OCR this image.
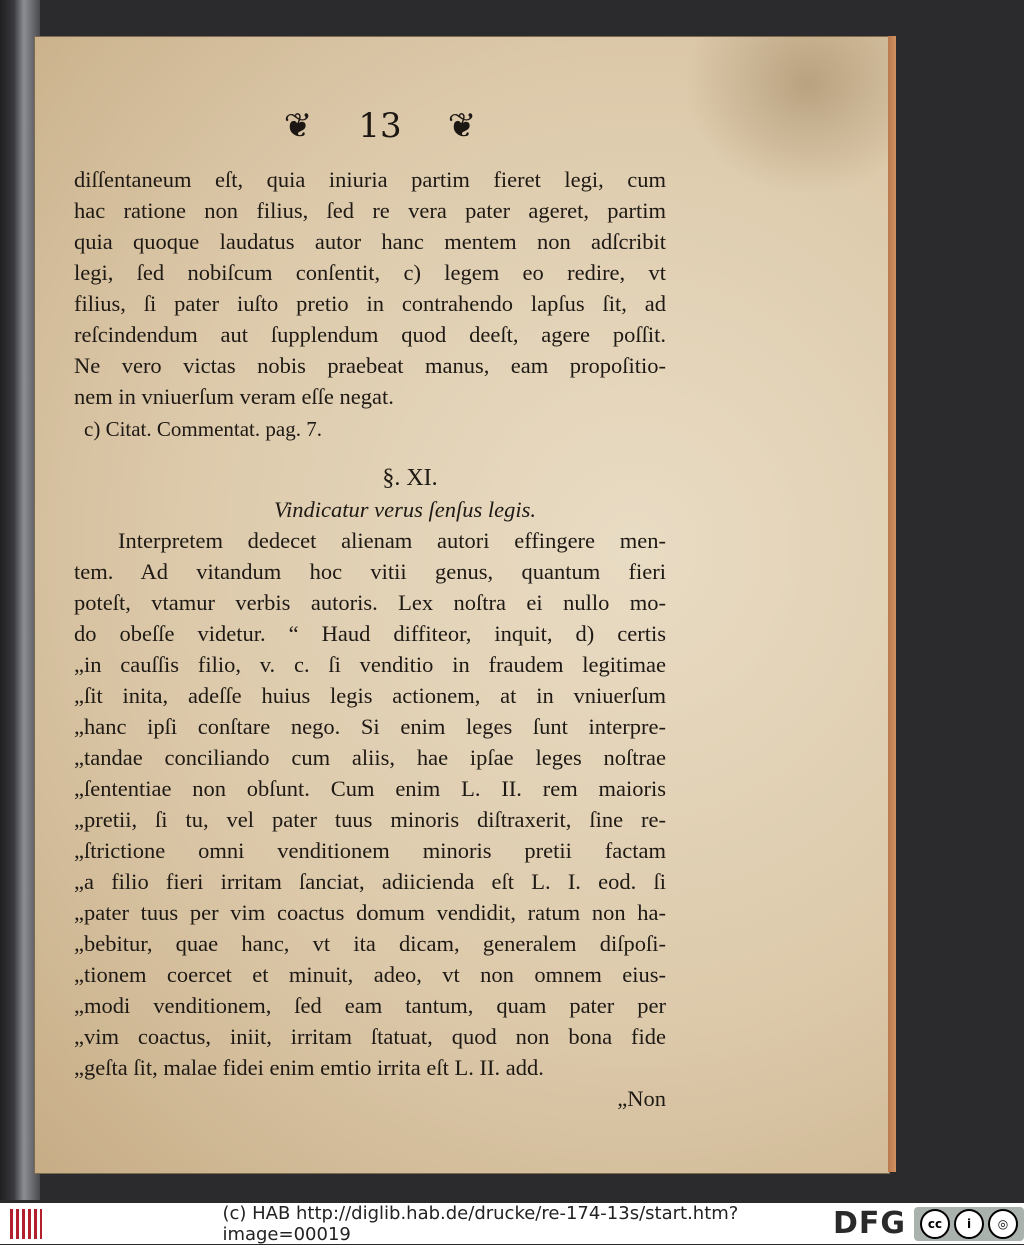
❦ 13 ❦
diſſentaneum eſt, quia iniuria partim fieret legi, cum
hac ratione non filius, ſed re vera pater ageret, partim
quia quoque laudatus autor hanc mentem non adſcribit
legi, ſed nobiſcum conſentit, c) legem eo redire, vt
filius, ſi pater iuſto pretio in contrahendo lapſus ſit, ad
reſcindendum aut ſupplendum quod deeſt, agere poſſit.
Ne vero victas nobis praebeat manus, eam propoſitio-
nem in vniuerſum veram eſſe negat.
c) Citat. Commentat. pag. 7.
§. XI.
Vindicatur verus ſenſus legis.
Interpretem dedecet alienam autori effingere men-
tem. Ad vitandum hoc vitii genus, quantum fieri
poteſt, vtamur verbis autoris. Lex noſtra ei nullo mo-
do obeſſe videtur. “ Haud diffiteor, inquit, d) certis
„in cauſſis filio, v. c. ſi venditio in fraudem legitimae
„ſit inita, adeſſe huius legis actionem, at in vniuerſum
„hanc ipſi conſtare nego. Si enim leges ſunt interpre-
„tandae conciliando cum aliis, hae ipſae leges noſtrae
„ſententiae non obſunt. Cum enim L. II. rem maioris
„pretii, ſi tu, vel pater tuus minoris diſtraxerit, ſine re-
„ſtrictione omni venditionem minoris pretii factam
„a filio fieri irritam ſanciat, adiicienda eſt L. I. eod. ſi
„pater tuus per vim coactus domum vendidit, ratum non ha-
„bebitur, quae hanc, vt ita dicam, generalem diſpoſi-
„tionem coercet et minuit, adeo, vt non omnem eius-
„modi venditionem, ſed eam tantum, quam pater per
„vim coactus, iniit, irritam ſtatuat, quod non bona fide
„geſta ſit, malae fidei enim emtio irrita eſt L. II. add.
„Non
(c) HAB http://diglib.hab.de/drucke/re-174-13s/start.htm?image=00019	DFG	cc	i	◎
